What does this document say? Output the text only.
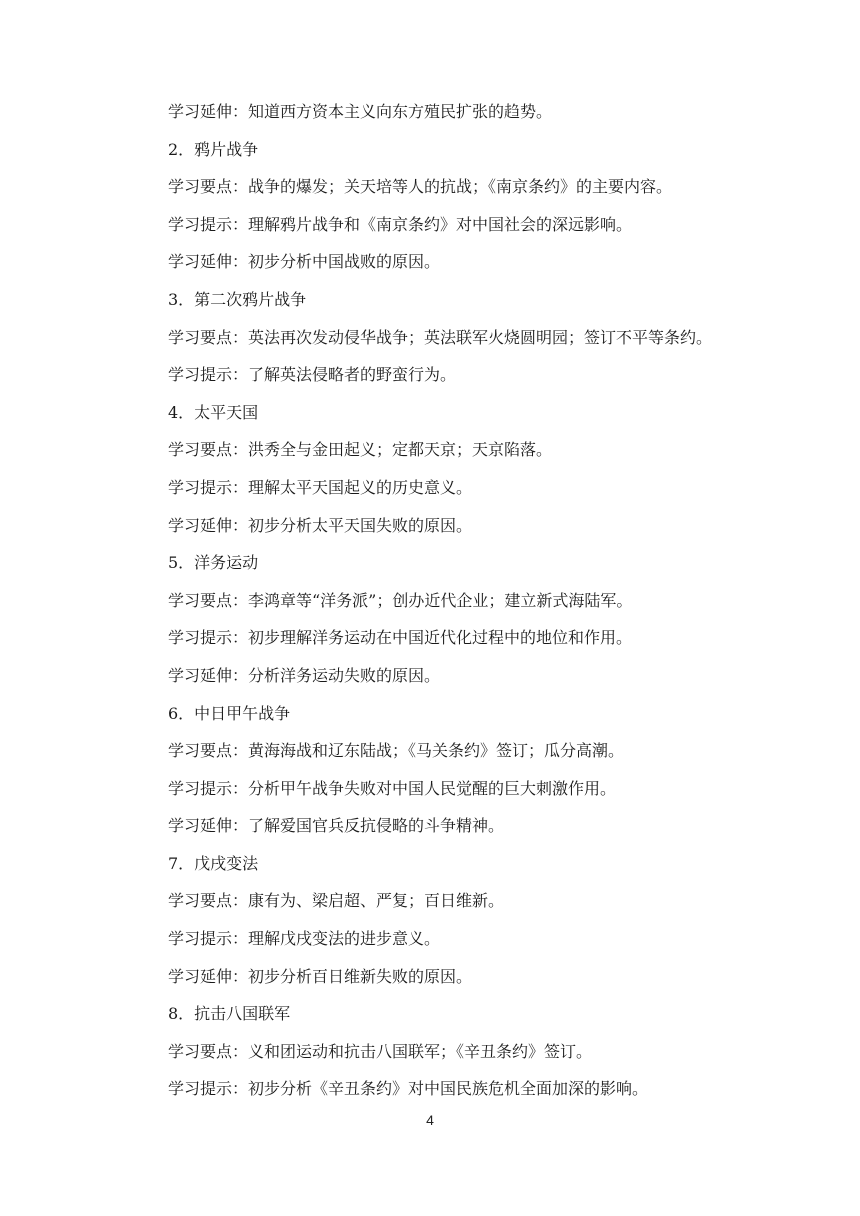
学习延伸：知道西方资本主义向东方殖民扩张的趋势。

2．鸦片战争

学习要点：战争的爆发；关天培等人的抗战；《南京条约》的主要内容。

学习提示：理解鸦片战争和《南京条约》对中国社会的深远影响。

学习延伸：初步分析中国战败的原因。

3．第二次鸦片战争

学习要点：英法再次发动侵华战争；英法联军火烧圆明园；签订不平等条约。

学习提示：了解英法侵略者的野蛮行为。

4．太平天国

学习要点：洪秀全与金田起义；定都天京；天京陷落。

学习提示：理解太平天国起义的历史意义。

学习延伸：初步分析太平天国失败的原因。

5．洋务运动

学习要点：李鸿章等“洋务派”；创办近代企业；建立新式海陆军。

学习提示：初步理解洋务运动在中国近代化过程中的地位和作用。

学习延伸：分析洋务运动失败的原因。

6．中日甲午战争

学习要点：黄海海战和辽东陆战；《马关条约》签订；瓜分高潮。

学习提示：分析甲午战争失败对中国人民觉醒的巨大刺激作用。

学习延伸：了解爱国官兵反抗侵略的斗争精神。

7．戊戌变法

学习要点：康有为、梁启超、严复；百日维新。

学习提示：理解戊戌变法的进步意义。

学习延伸：初步分析百日维新失败的原因。

8．抗击八国联军

学习要点：义和团运动和抗击八国联军；《辛丑条约》签订。

学习提示：初步分析《辛丑条约》对中国民族危机全面加深的影响。

4
